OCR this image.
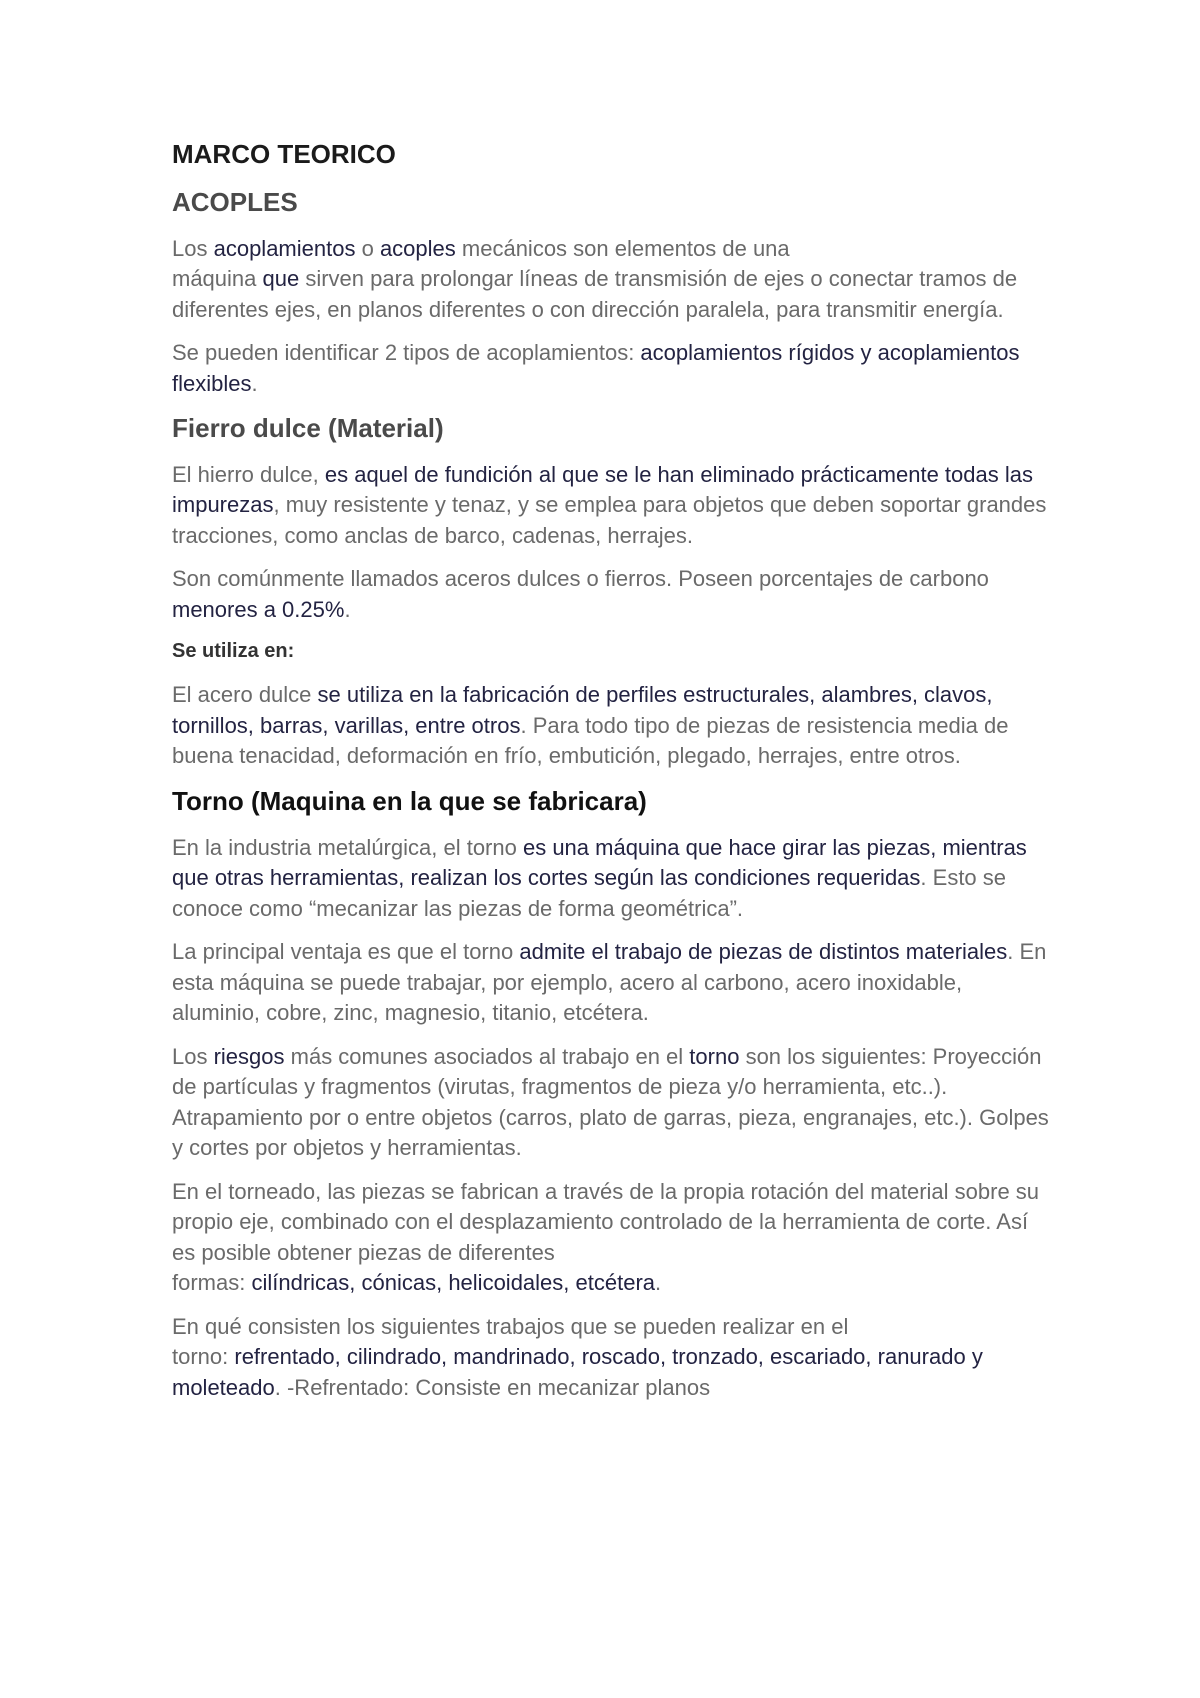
MARCO TEORICO
ACOPLES

Los acoplamientos o acoples mecánicos son elementos de una
máquina que sirven para prolongar líneas de transmisión de ejes o conectar tramos de diferentes ejes, en planos diferentes o con dirección paralela, para transmitir energía.

Se pueden identificar 2 tipos de acoplamientos: acoplamientos rígidos y acoplamientos flexibles.

Fierro dulce (Material)

El hierro dulce, es aquel de fundición al que se le han eliminado prácticamente todas las impurezas, muy resistente y tenaz, y se emplea para objetos que deben soportar grandes tracciones, como anclas de barco, cadenas, herrajes.

Son comúnmente llamados aceros dulces o fierros. Poseen porcentajes de carbono menores a 0.25%.

Se utiliza en:

El acero dulce se utiliza en la fabricación de perfiles estructurales, alambres, clavos, tornillos, barras, varillas, entre otros. Para todo tipo de piezas de resistencia media de buena tenacidad, deformación en frío, embutición, plegado, herrajes, entre otros.

Torno (Maquina en la que se fabricara)

En la industria metalúrgica, el torno es una máquina que hace girar las piezas, mientras que otras herramientas, realizan los cortes según las condiciones requeridas. Esto se conoce como “mecanizar las piezas de forma geométrica”.

La principal ventaja es que el torno admite el trabajo de piezas de distintos materiales. En esta máquina se puede trabajar, por ejemplo, acero al carbono, acero inoxidable, aluminio, cobre, zinc, magnesio, titanio, etcétera.

Los riesgos más comunes asociados al trabajo en el torno son los siguientes: Proyección de partículas y fragmentos (virutas, fragmentos de pieza y/o herramienta, etc..). Atrapamiento por o entre objetos (carros, plato de garras, pieza, engranajes, etc.). Golpes y cortes por objetos y herramientas.

En el torneado, las piezas se fabrican a través de la propia rotación del material sobre su propio eje, combinado con el desplazamiento controlado de la herramienta de corte. Así es posible obtener piezas de diferentes
formas: cilíndricas, cónicas, helicoidales, etcétera.

En qué consisten los siguientes trabajos que se pueden realizar en el
torno: refrentado, cilindrado, mandrinado, roscado, tronzado, escariado, ranurado y moleteado. -Refrentado: Consiste en mecanizar planos
